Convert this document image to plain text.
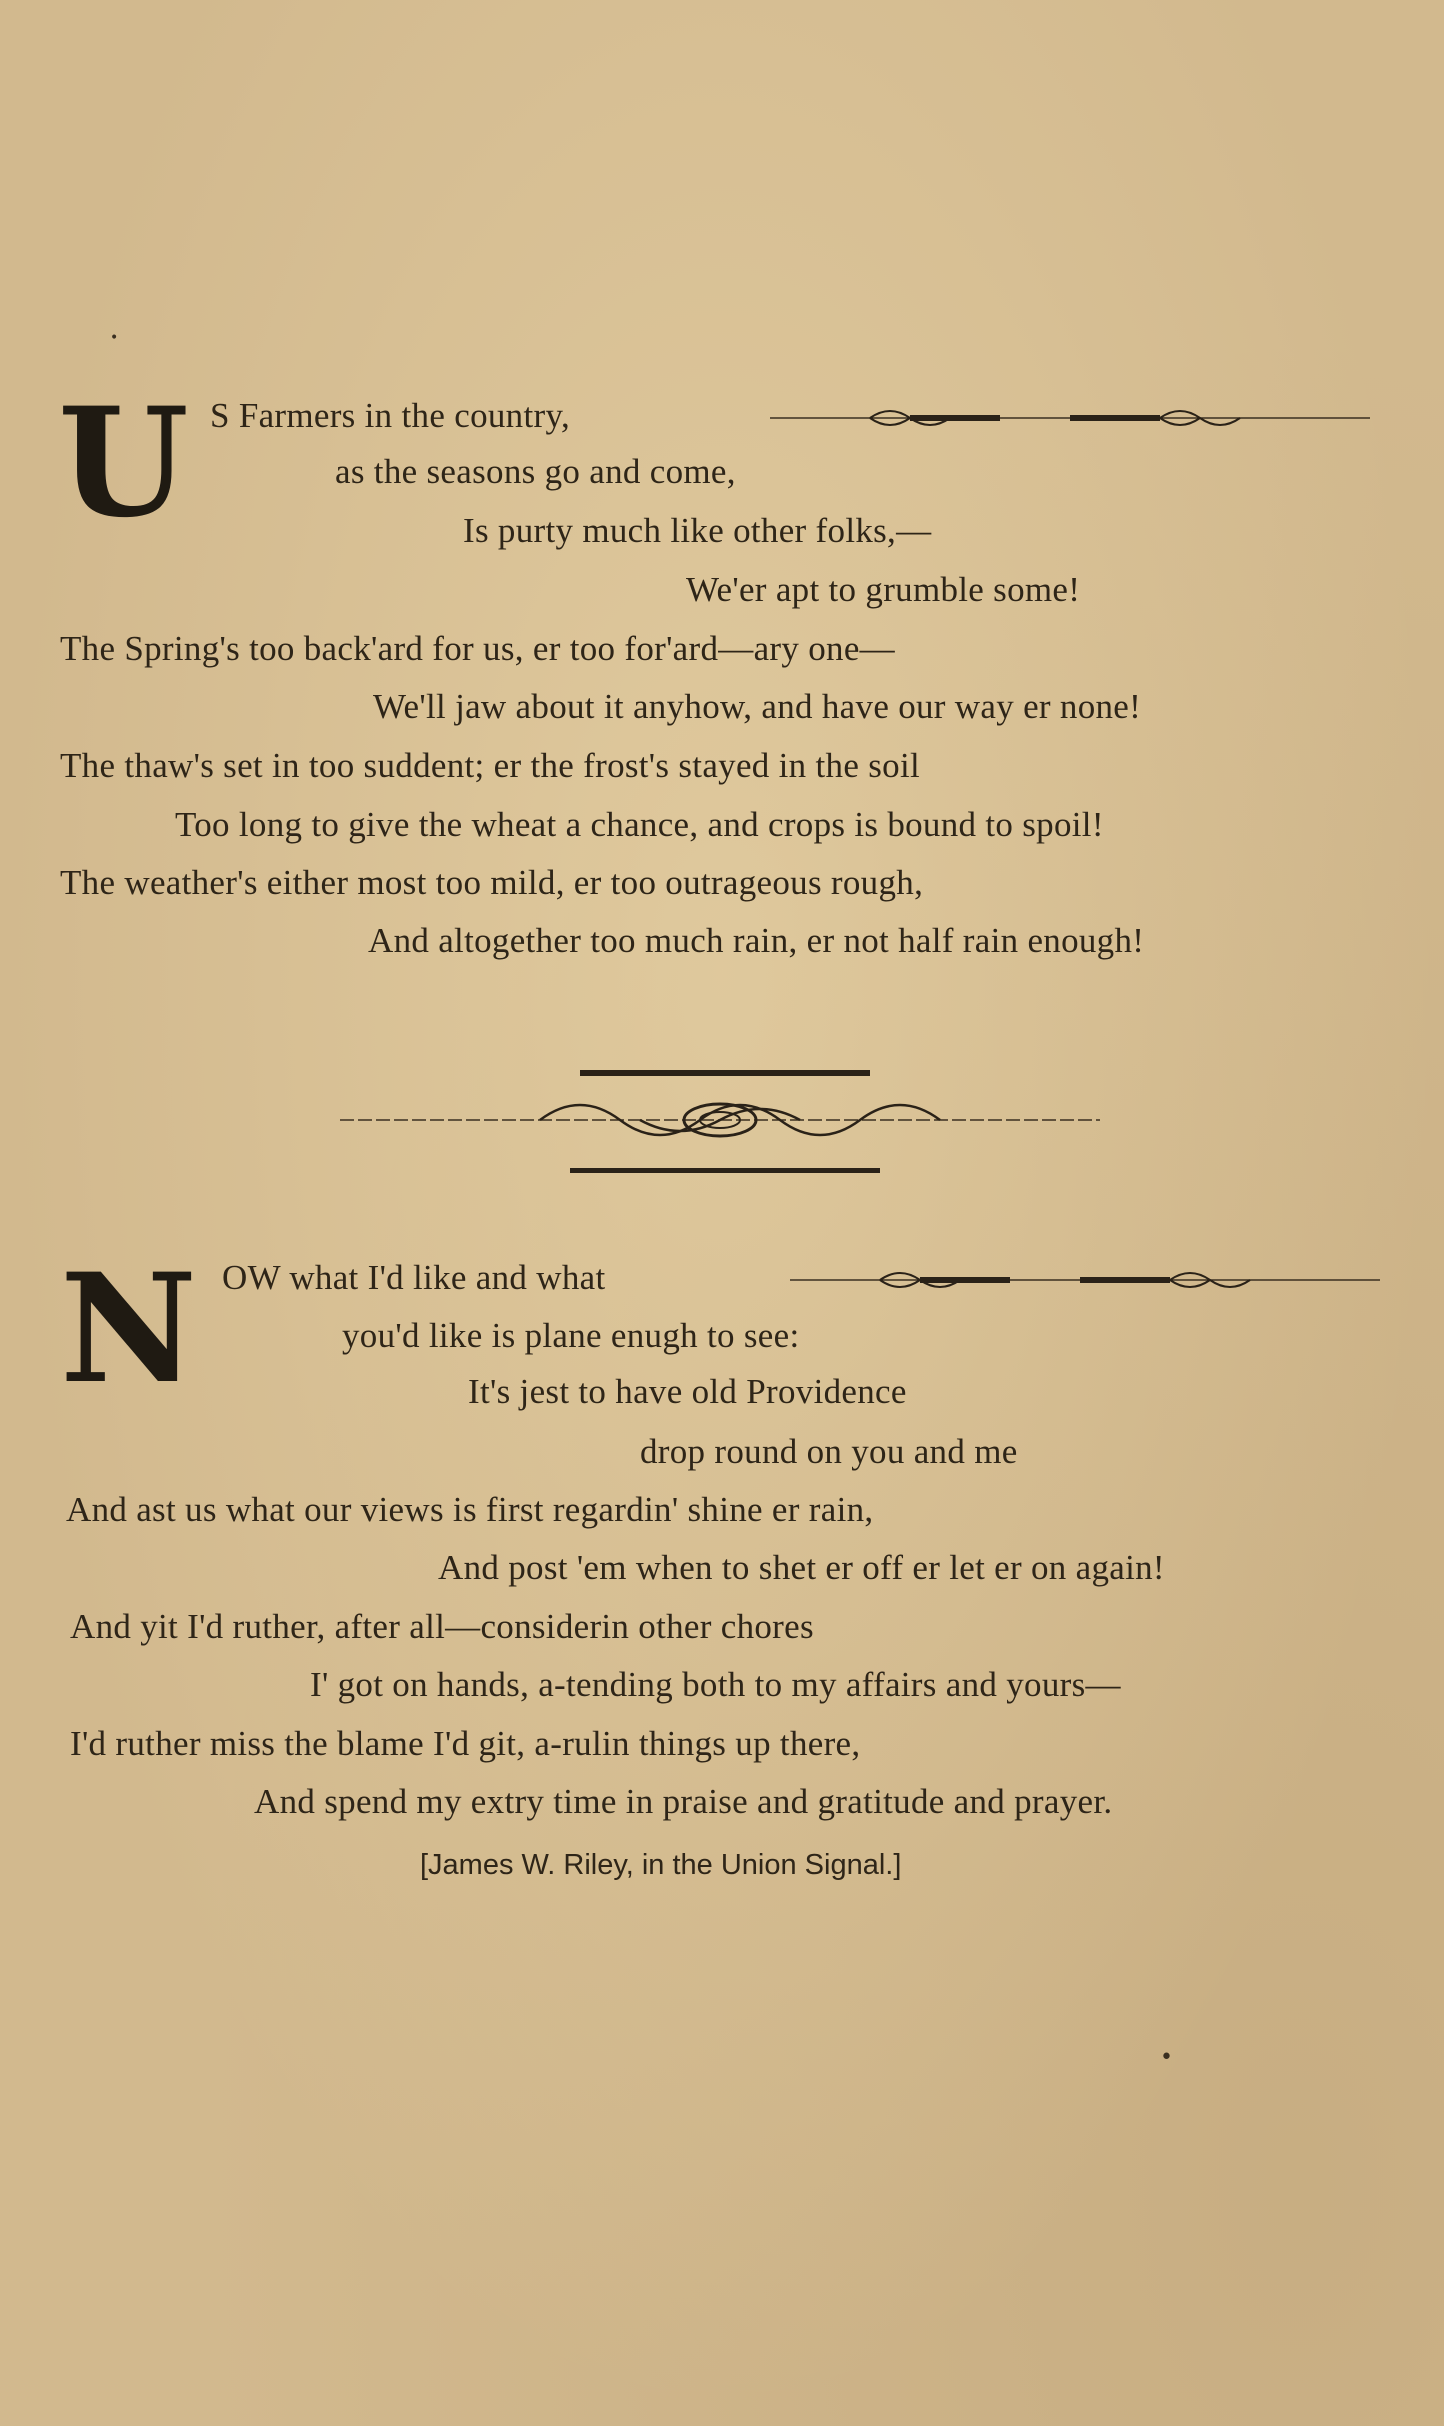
U S Farmers in the country,
as the seasons go and come,
Is purty much like other folks,—
We'er apt to grumble some!
The Spring's too back'ard for us, er too for'ard—ary one—
We'll jaw about it anyhow, and have our way er none!
The thaw's set in too suddent; er the frost's stayed in the soil
Too long to give the wheat a chance, and crops is bound to spoil!
The weather's either most too mild, er too outrageous rough,
And altogether too much rain, er not half rain enough!
N OW what I'd like and what
you'd like is plane enugh to see:
It's jest to have old Providence
drop round on you and me
And ast us what our views is first regardin' shine er rain,
And post 'em when to shet er off er let er on again!
And yit I'd ruther, after all—considerin other chores
I' got on hands, a-tending both to my affairs and yours—
I'd ruther miss the blame I'd git, a-rulin things up there,
And spend my extry time in praise and gratitude and prayer.
[James W. Riley, in the Union Signal.]
•
•
